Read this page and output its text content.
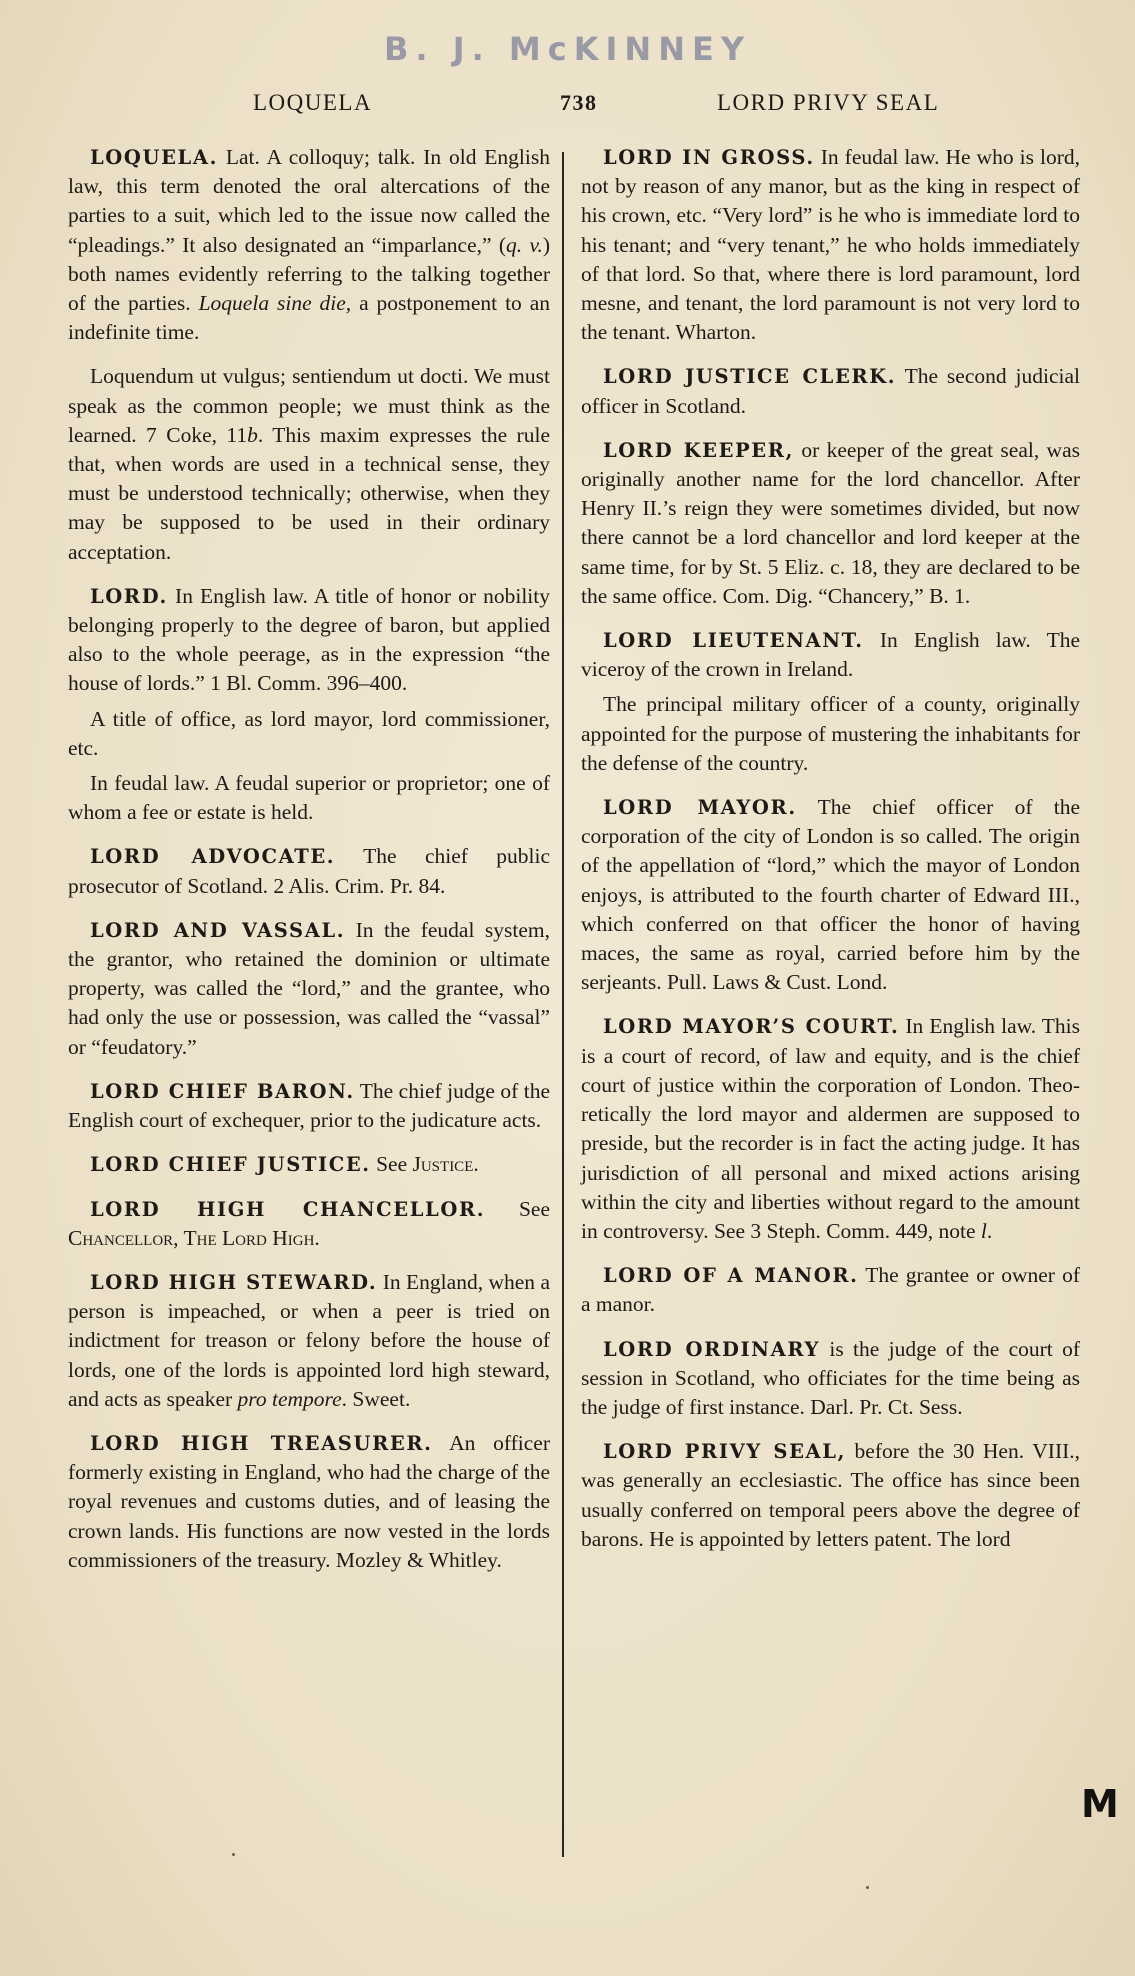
B. J. McKINNEY
LOQUELA	738	LORD PRIVY SEAL

LOQUELA. Lat. A colloquy; talk. In old English law, this term denoted the oral altercations of the parties to a suit, which led to the issue now called the “pleadings.” It also designated an “imparlance,” (q. v.) both names evidently referring to the talking together of the parties. Loquela sine die, a postponement to an indefinite time.

Loquendum ut vulgus; sentiendum ut docti. We must speak as the common people; we must think as the learned. 7 Coke, 11b. This maxim expresses the rule that, when words are used in a technical sense, they must be understood technically; otherwise, when they may be supposed to be used in their ordinary acceptation.

LORD. In English law. A title of honor or nobility belonging properly to the degree of baron, but applied also to the whole peerage, as in the expression “the house of lords.” 1 Bl. Comm. 396–400.

A title of office, as lord mayor, lord commissioner, etc.

In feudal law. A feudal superior or proprietor; one of whom a fee or estate is held.

LORD ADVOCATE. The chief public prosecutor of Scotland. 2 Alis. Crim. Pr. 84.

LORD AND VASSAL. In the feudal system, the grantor, who retained the dominion or ultimate property, was called the “lord,” and the grantee, who had only the use or possession, was called the “vassal” or “feudatory.”

LORD CHIEF BARON. The chief judge of the English court of exchequer, prior to the judicature acts.

LORD CHIEF JUSTICE. See Justice.

LORD HIGH CHANCELLOR. See Chancellor, The Lord High.

LORD HIGH STEWARD. In England, when a person is impeached, or when a peer is tried on indictment for treason or felony before the house of lords, one of the lords is appointed lord high steward, and acts as speaker pro tempore. Sweet.

LORD HIGH TREASURER. An officer formerly existing in England, who had the charge of the royal revenues and customs duties, and of leasing the crown lands. His functions are now vested in the lords commissioners of the treasury. Mozley & Whitley.

LORD IN GROSS. In feudal law. He who is lord, not by reason of any manor, but as the king in respect of his crown, etc. “Very lord” is he who is immediate lord to his tenant; and “very tenant,” he who holds immediately of that lord. So that, where there is lord paramount, lord mesne, and tenant, the lord paramount is not very lord to the tenant. Wharton.

LORD JUSTICE CLERK. The second judicial officer in Scotland.

LORD KEEPER, or keeper of the great seal, was originally another name for the lord chancellor. After Henry II.’s reign they were sometimes divided, but now there cannot be a lord chancellor and lord keeper at the same time, for by St. 5 Eliz. c. 18, they are declared to be the same office. Com. Dig. “Chancery,” B. 1.

LORD LIEUTENANT. In English law. The viceroy of the crown in Ireland.

The principal military officer of a county, originally appointed for the purpose of mustering the inhabitants for the defense of the country.

LORD MAYOR. The chief officer of the corporation of the city of London is so called. The origin of the appellation of “lord,” which the mayor of London enjoys, is attributed to the fourth charter of Edward III., which conferred on that officer the honor of having maces, the same as royal, carried before him by the serjeants. Pull. Laws & Cust. Lond.

LORD MAYOR’S COURT. In English law. This is a court of record, of law and equity, and is the chief court of justice within the corporation of London. Theoretically the lord mayor and aldermen are supposed to preside, but the recorder is in fact the acting judge. It has jurisdiction of all personal and mixed actions arising within the city and liberties without regard to the amount in controversy. See 3 Steph. Comm. 449, note l.

LORD OF A MANOR. The grantee or owner of a manor.

LORD ORDINARY is the judge of the court of session in Scotland, who officiates for the time being as the judge of first instance. Darl. Pr. Ct. Sess.

LORD PRIVY SEAL, before the 30 Hen. VIII., was generally an ecclesiastic. The office has since been usually conferred on temporal peers above the degree of barons. He is appointed by letters patent. The lord

M
